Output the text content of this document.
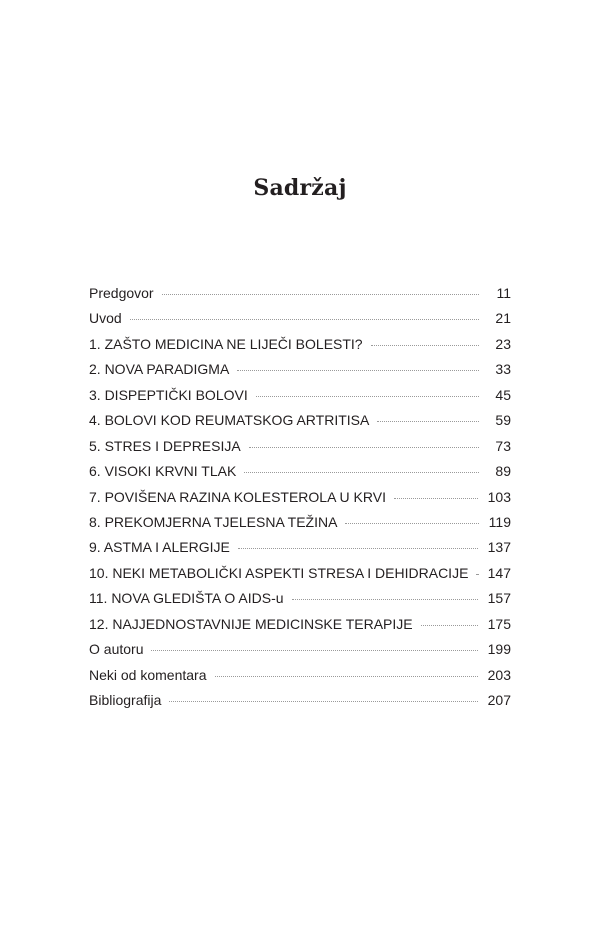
Sadržaj
Predgovor	11
Uvod	21
1. ZAŠTO MEDICINA NE LIJEČI BOLESTI?	23
2. NOVA PARADIGMA	33
3. DISPEPTIČKI BOLOVI	45
4. BOLOVI KOD REUMATSKOG ARTRITISA	59
5. STRES I DEPRESIJA	73
6. VISOKI KRVNI TLAK	89
7. POVIŠENA RAZINA KOLESTEROLA U KRVI	103
8. PREKOMJERNA TJELESNA TEŽINA	119
9. ASTMA I ALERGIJE	137
10. NEKI METABOLIČKI ASPEKTI STRESA I DEHIDRACIJE 147
11. NOVA GLEDIŠTA O AIDS-u	157
12. NAJJEDNOSTAVNIJE MEDICINSKE TERAPIJE	175
O autoru	199
Neki od komentara	203
Bibliografija	207
